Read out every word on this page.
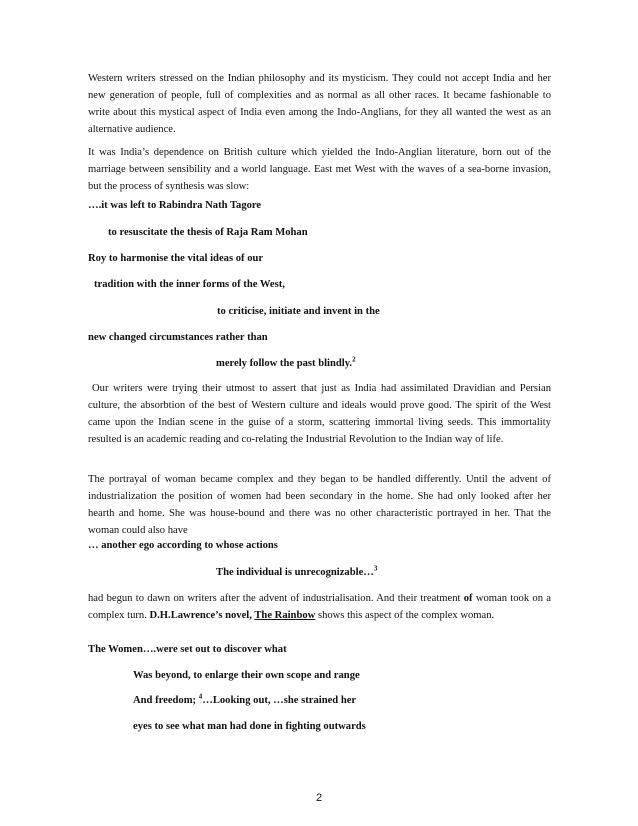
Western writers stressed on the Indian philosophy and its mysticism. They could not accept India and her new generation of people, full of complexities and as normal as all other races. It became fashionable to write about this mystical aspect of India even among the Indo-Anglians, for they all wanted the west as an alternative audience.

It was India’s dependence on British culture which yielded the Indo-Anglian literature, born out of the marriage between sensibility and a world language. East met West with the waves of a sea-borne invasion, but the process of synthesis was slow:

….it was left to Rabindra Nath Tagore

to resuscitate the thesis of Raja Ram Mohan

Roy to harmonise the vital ideas of our

tradition with the inner forms of the West,

to criticise, initiate and invent in the

new changed circumstances rather than

merely follow the past blindly.$^2$

Our writers were trying their utmost to assert that just as India had assimilated Dravidian and Persian culture, the absorbtion of the best of Western culture and ideals would prove good. The spirit of the West came upon the Indian scene in the guise of a storm, scattering immortal living seeds. This immortality resulted is an academic reading and co-relating the Industrial Revolution to the Indian way of life.

The portrayal of woman became complex and they began to be handled differently. Until the advent of industrialization the position of women had been secondary in the home. She had only looked after her hearth and home. She was house-bound and there was no other characteristic portrayed in her. That the woman could also have

… another ego according to whose actions

The individual is unrecognizable…$^3$

had begun to dawn on writers after the advent of industrialisation. And their treatment of woman took on a complex turn. D.H.Lawrence’s novel, The Rainbow shows this aspect of the complex woman.

The Women….were set out to discover what

Was beyond, to enlarge their own scope and range

And freedom; $^4$…Looking out, …she strained her

eyes to see what man had done in fighting outwards

2
